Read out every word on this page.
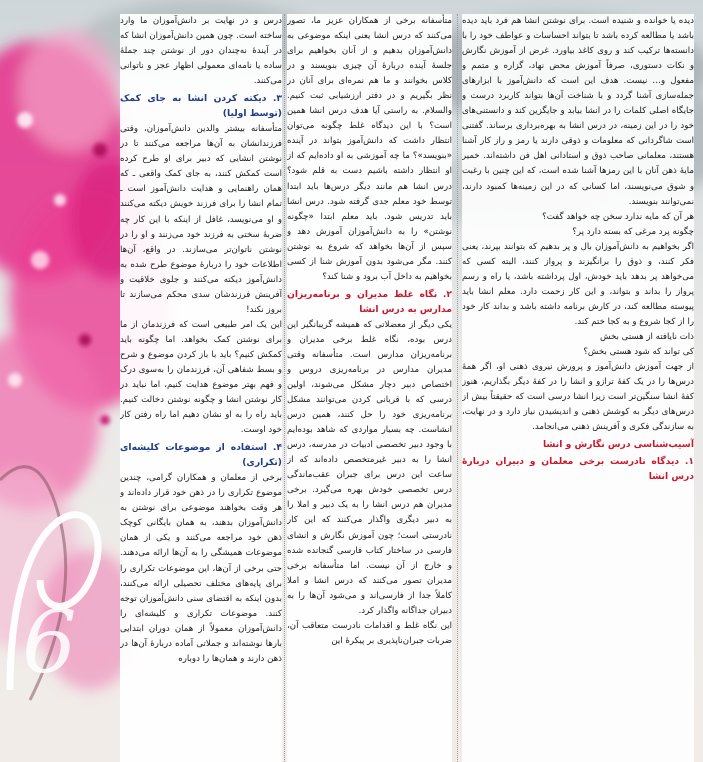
دیده یا خوانده و شنیده است. برای نوشتن انشا هم فرد باید دیده باشد یا مطالعه کرده باشد تا بتواند احساسات و عواطف خود را با دانسته‌ها ترکیب کند و روی کاغذ بیاورد. غرض از آموزش نگارش و نکات دستوری، صرفاً آموزش محض نهاد، گزاره و متمم و مفعول و… نیست. هدف این است که دانش‌آموز با ابزارهای جمله‌سازی آشنا گردد و با شناخت آن‌ها بتواند کاربرد درست و جایگاه اصلی کلمات را در انشا بیابد و جایگزین کند و دانستنی‌های خود را در این زمینه، در درس انشا به بهره‌برداری برساند. گفتنی است شاگردانی که معلومات و ذوقی دارند یا رمز و راز کار آشنا هستند، معلمانی صاحب ذوق و استادانی اهل فن داشته‌اند. خمیر مایهٔ ذهن آنان با این رمزها آشنا شده است، که این چنین با رغبت و شوق می‌نویسند، اما کسانی که در این زمینه‌ها کمبود دارند، نمی‌توانند بنویسند.

هر آن که مایه ندارد سخن چه خواهد گفت؟

چگونه پرد مرغی که بسته دارد پر؟

اگر بخواهیم به دانش‌آموزان بال و پر بدهیم که بتوانند بپرند، یعنی فکر کنند، و ذوق را برانگیزند و پرواز کنند، البته کسی که می‌خواهد پر بدهد باید خودش، اول پرداشته باشد، یا راه و رسم پرواز را بداند و بتواند، و این کار زحمت دارد. معلم انشا باید پیوسته مطالعه کند، در کارش برنامه داشته باشد و بداند کار خود را از کجا شروع و به کجا ختم کند.

ذات نایافته از هستی بخش

کی تواند که شود هستی بخش؟

از جهت آموزش دانش‌آموز و پرورش نیروی ذهنی او، اگر همهٔ درس‌ها را در یک کفهٔ ترازو و انشا را در کفهٔ دیگر بگذاریم، هنوز کفهٔ انشا سنگین‌تر است زیرا انشا درسی است که حقیقتاً بیش از درس‌های دیگر به کوشش ذهنی و اندیشیدن نیاز دارد و در نهایت، به سازندگی فکری و آفرینش ذهنی می‌انجامد.

آسیب‌شناسی درس نگارش و انشا
۱. دیدگاه نادرست برخی معلمان و دبیران دربارهٔ درس انشا

متأسفانه برخی از همکاران عزیز ما، تصور می‌کنند که درس انشا یعنی اینکه موضوعی به دانش‌آموزان بدهیم و از آنان بخواهیم برای جلسهٔ آینده دربارهٔ آن چیزی بنویسند و در کلاس بخوانند و ما هم نمره‌ای برای آنان در نظر بگیریم و در دفتر ارزشیابی ثبت کنیم. والسلام. به راستی آیا هدف درس انشا همین است؟ با این دیدگاه غلط چگونه می‌توان انتظار داشت که دانش‌آموز بتواند در آینده «بنویسد»؟ ما چه آموزشی به او داده‌ایم که از او انتظار داشته باشیم دست به قلم شود؟ درس انشا هم مانند دیگر درس‌ها باید ابتدا توسط خود معلم جدی گرفته شود. درس انشا باید تدریس شود. باید معلم ابتدا «چگونه نوشتن» را به دانش‌آموزان آموزش دهد و سپس از آن‌ها بخواهد که شروع به نوشتن کنند. مگر می‌شود بدون آموزش شنا از کسی بخواهیم به داخل آب برود و شنا کند؟

۲. نگاه غلط مدیران و برنامه‌ریزان مدارس به درس انشا

یکی دیگر از معضلاتی که همیشه گریبانگیر این درس بوده، نگاه غلط برخی مدیران و برنامه‌ریزان مدارس است. متأسفانه وقتی مدیران مدارس در برنامه‌ریزی دروس و اختصاص دبیر دچار مشکل می‌شوند، اولین درسی که با قربانی کردن می‌توانند مشکل برنامه‌ریزی خود را حل کنند، همین درس انشاست. چه بسیار مواردی که شاهد بوده‌ایم با وجود دبیر تخصصی ادبیات در مدرسه، درس انشا را به دبیر غیرمتخصص داده‌اند که از ساعت این درس برای جبران عقب‌ماندگی درس تخصصی خودش بهره می‌گیرد. برخی مدیران هم درس انشا را به یک دبیر و املا را به دبیر دیگری واگذار می‌کنند که این کار نادرستی است؛ چون آموزش نگارش و انشای فارسی در ساختار کتاب فارسی گنجانده شده و خارج از آن نیست. اما متأسفانه برخی مدیران تصور می‌کنند که درس انشا و املا کاملاً جدا از فارسی‌اند و می‌شود آن‌ها را به دبیران جداگانه واگذار کرد.

این نگاه غلط و اقدامات نادرست متعاقب آن، ضربات جبران‌ناپذیری بر پیکرهٔ این

درس و در نهایت بر دانش‌آموزان ما وارد ساخته است. چون همین دانش‌آموزان انشا که در آیندهٔ نه‌چندان دور از نوشتن چند جملهٔ ساده یا نامه‌ای معمولی اظهار عجز و ناتوانی می‌کنند.

۳. دیکته کردن انشا به جای کمک (توسط اولیا)

متأسفانه بیشتر والدین دانش‌آموزان، وقتی فرزندانشان به آن‌ها مراجعه می‌کنند تا در نوشتن انشایی که دبیر برای او طرح کرده است کمکش کنند، به جای کمک واقعی ـ که همان راهنمایی و هدایت دانش‌آموز است ـ تمام انشا را برای فرزند خویش دیکته می‌کنند و او می‌نویسد، غافل از اینکه با این کار چه ضربهٔ سختی به فرزند خود می‌زنند و او را در نوشتن ناتوان‌تر می‌سازند. در واقع، آن‌ها اطلاعات خود را دربارهٔ موضوع طرح شده به دانش‌آموز دیکته می‌کنند و جلوی خلاقیت و آفرینش فرزندشان سدی محکم می‌سازند تا بروز نکند!

این یک امر طبیعی است که فرزندمان از ما برای نوشتن کمک بخواهد. اما چگونه باید کمکش کنیم؟ باید با باز کردن موضوع و شرح و بسط شفاهی آن، فرزندمان را به‌سوی درک و فهم بهتر موضوع هدایت کنیم، اما نباید در کار نوشتن انشا و چگونه نوشتن دخالت کنیم. باید راه را به او نشان دهیم اما راه رفتن کار خود اوست.

۴. استفاده از موضوعات کلیشه‌ای (تکراری)

برخی از معلمان و همکاران گرامی، چندین موضوع تکراری را در ذهن خود قرار داده‌اند و هر وقت بخواهند موضوعی برای نوشتن به دانش‌آموزان بدهند، به همان بایگانی کوچک ذهن خود مراجعه می‌کنند و یکی از همان موضوعات همیشگی را به آن‌ها ارائه می‌دهند. حتی برخی از آن‌ها، این موضوعات تکراری را برای پایه‌های مختلف تحصیلی ارائه می‌کنند، بدون اینکه به اقتضای سنی دانش‌آموزان توجه کنند. موضوعات تکراری و کلیشه‌ای را دانش‌آموزان معمولاً از همان دوران ابتدایی بارها نوشته‌اند و جملاتی آماده دربارهٔ آن‌ها در ذهن دارند و همان‌ها را دوباره

6
